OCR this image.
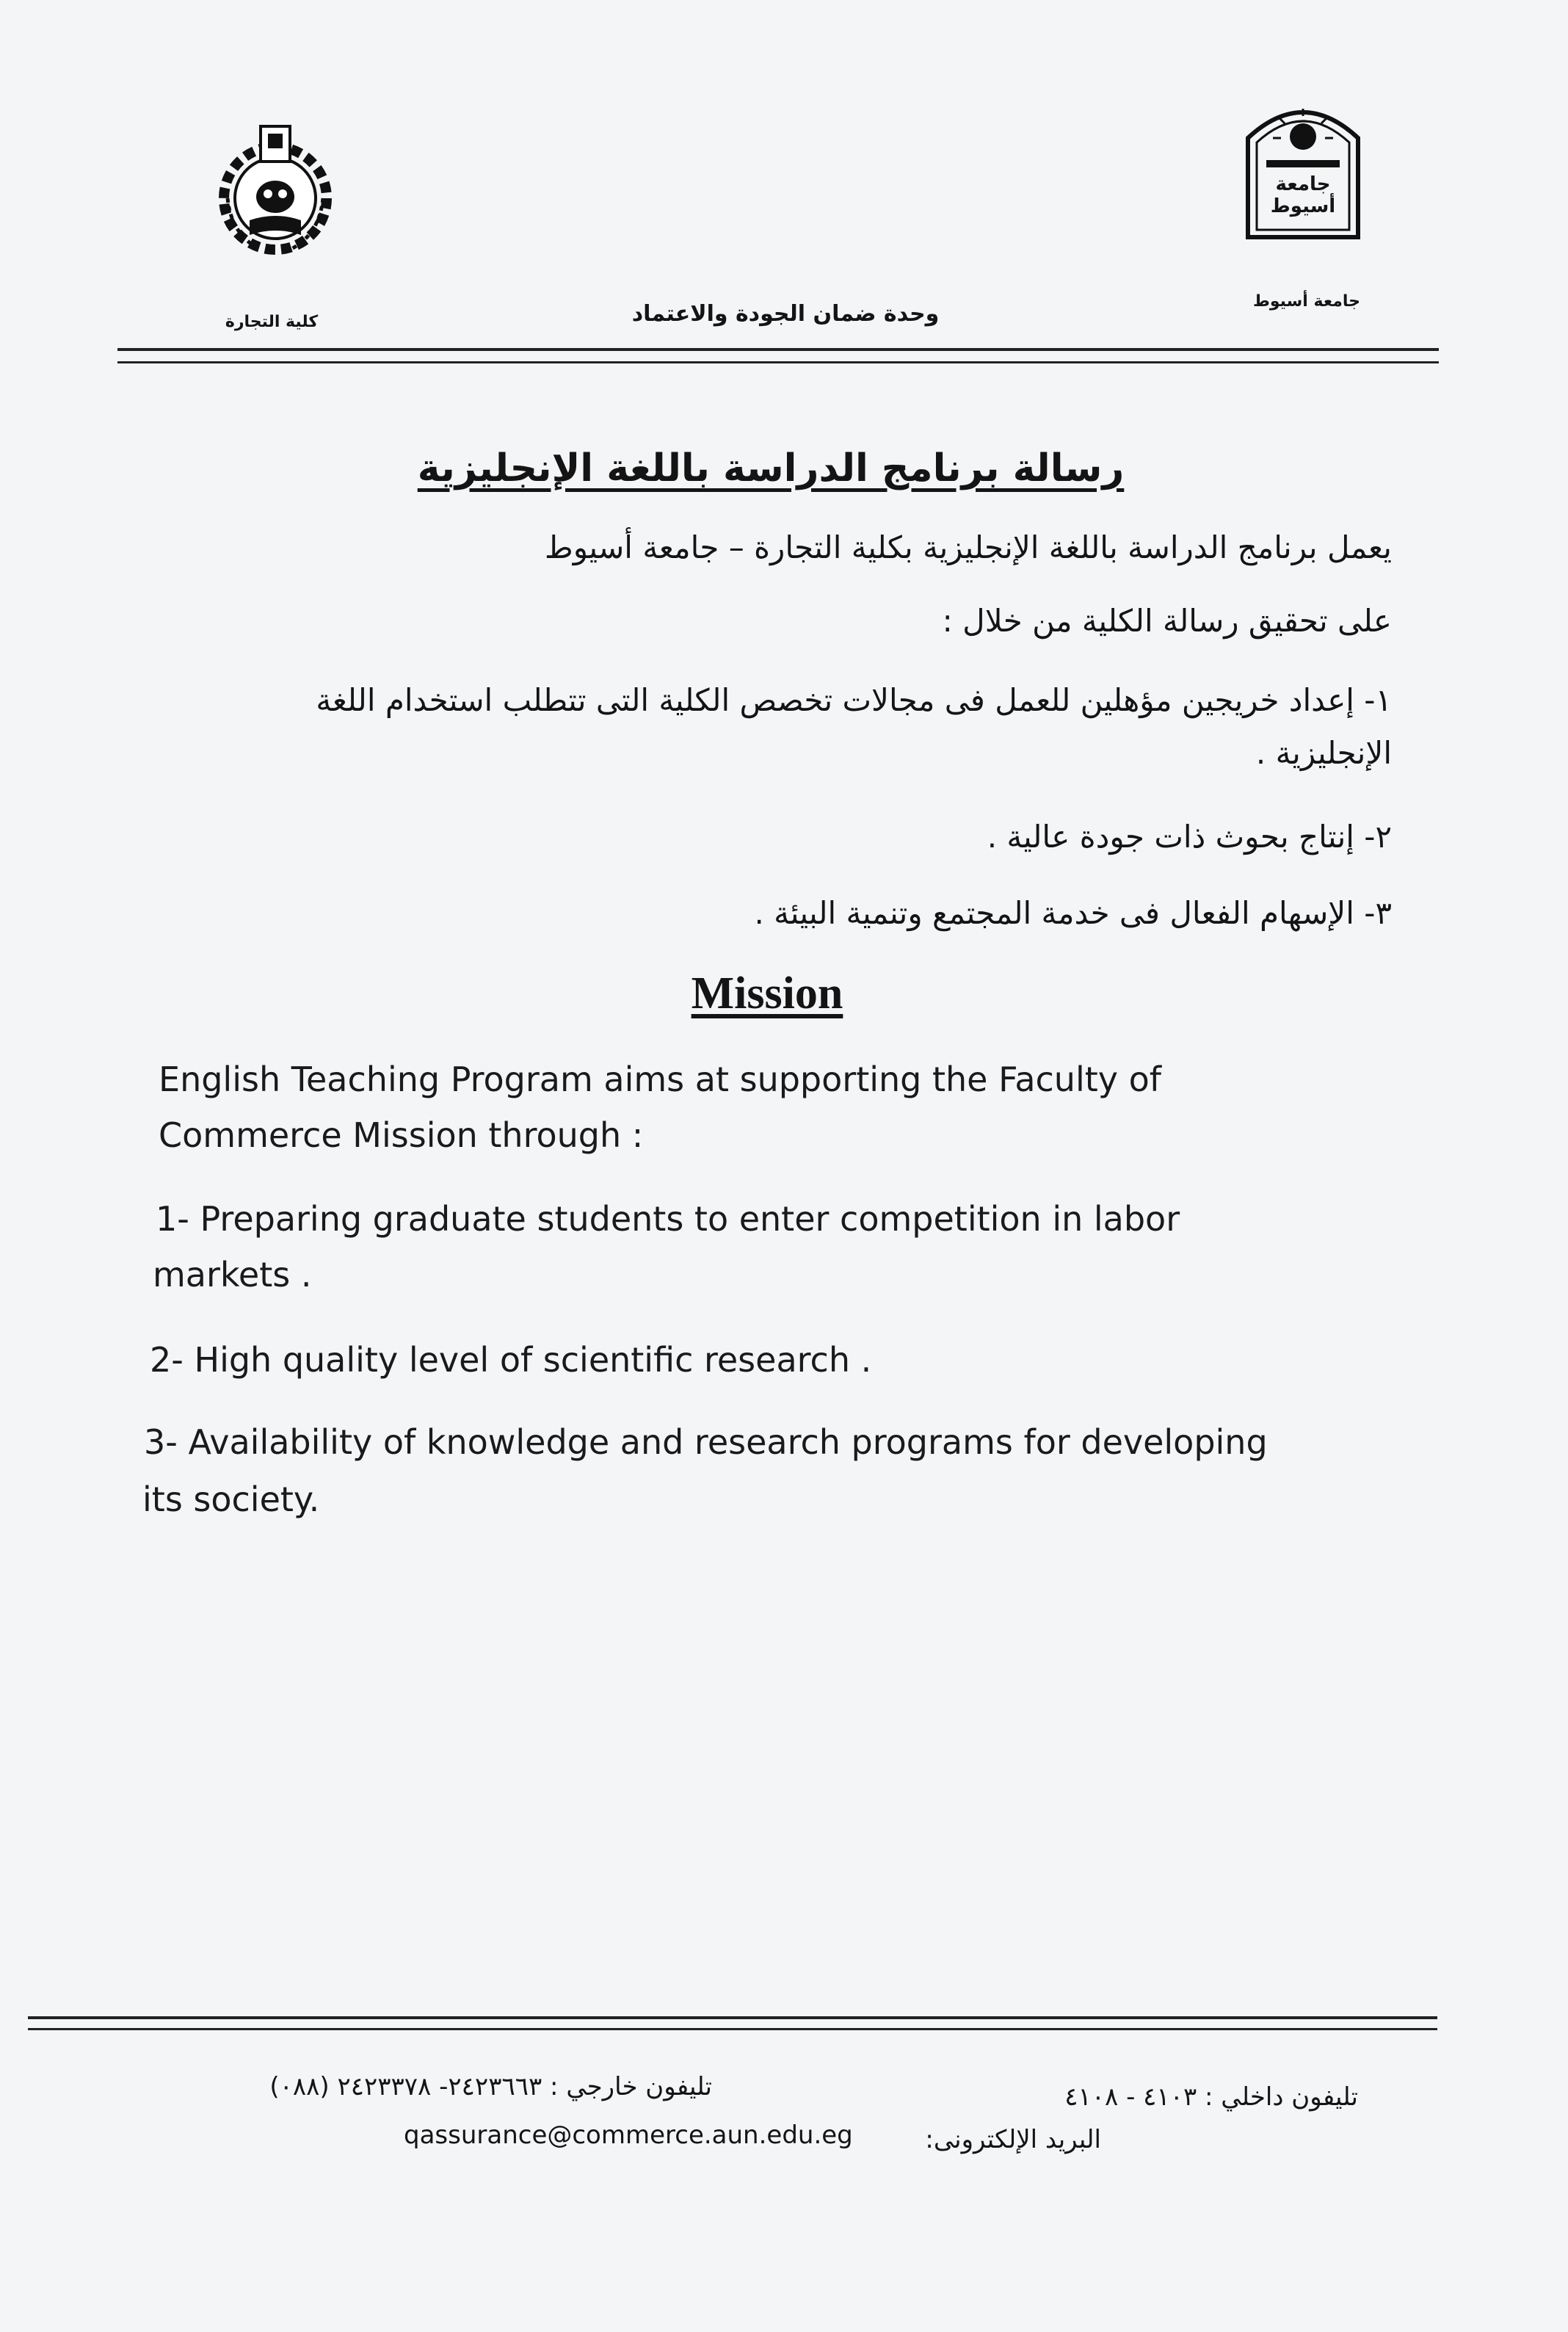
جامعة أسيوط
كلية التجارة	وحدة ضمان الجودة والاعتماد	جامعة أسيوط
رسالة برنامج الدراسة باللغة الإنجليزية
يعمل برنامج الدراسة باللغة الإنجليزية بكلية التجارة – جامعة أسيوط
على تحقيق رسالة الكلية من خلال :
١- إعداد خريجين مؤهلين للعمل فى مجالات تخصص الكلية التى تتطلب استخدام اللغة
الإنجليزية .
٢- إنتاج بحوث ذات جودة عالية .
٣- الإسهام الفعال فى خدمة المجتمع وتنمية البيئة .
Mission
English Teaching Program aims at supporting the Faculty of
Commerce Mission through :
1- Preparing graduate students to enter competition in labor
markets .
2- High quality level of scientific research .
3- Availability of knowledge and research programs for developing
its society.
تليفون داخلي : ٤١٠٣ - ٤١٠٨
تليفون خارجي : ٢٤٢٣٦٦٣- ٢٤٢٣٣٧٨ (٠٨٨)
البريد الإلكترونى:
qassurance@commerce.aun.edu.eg
